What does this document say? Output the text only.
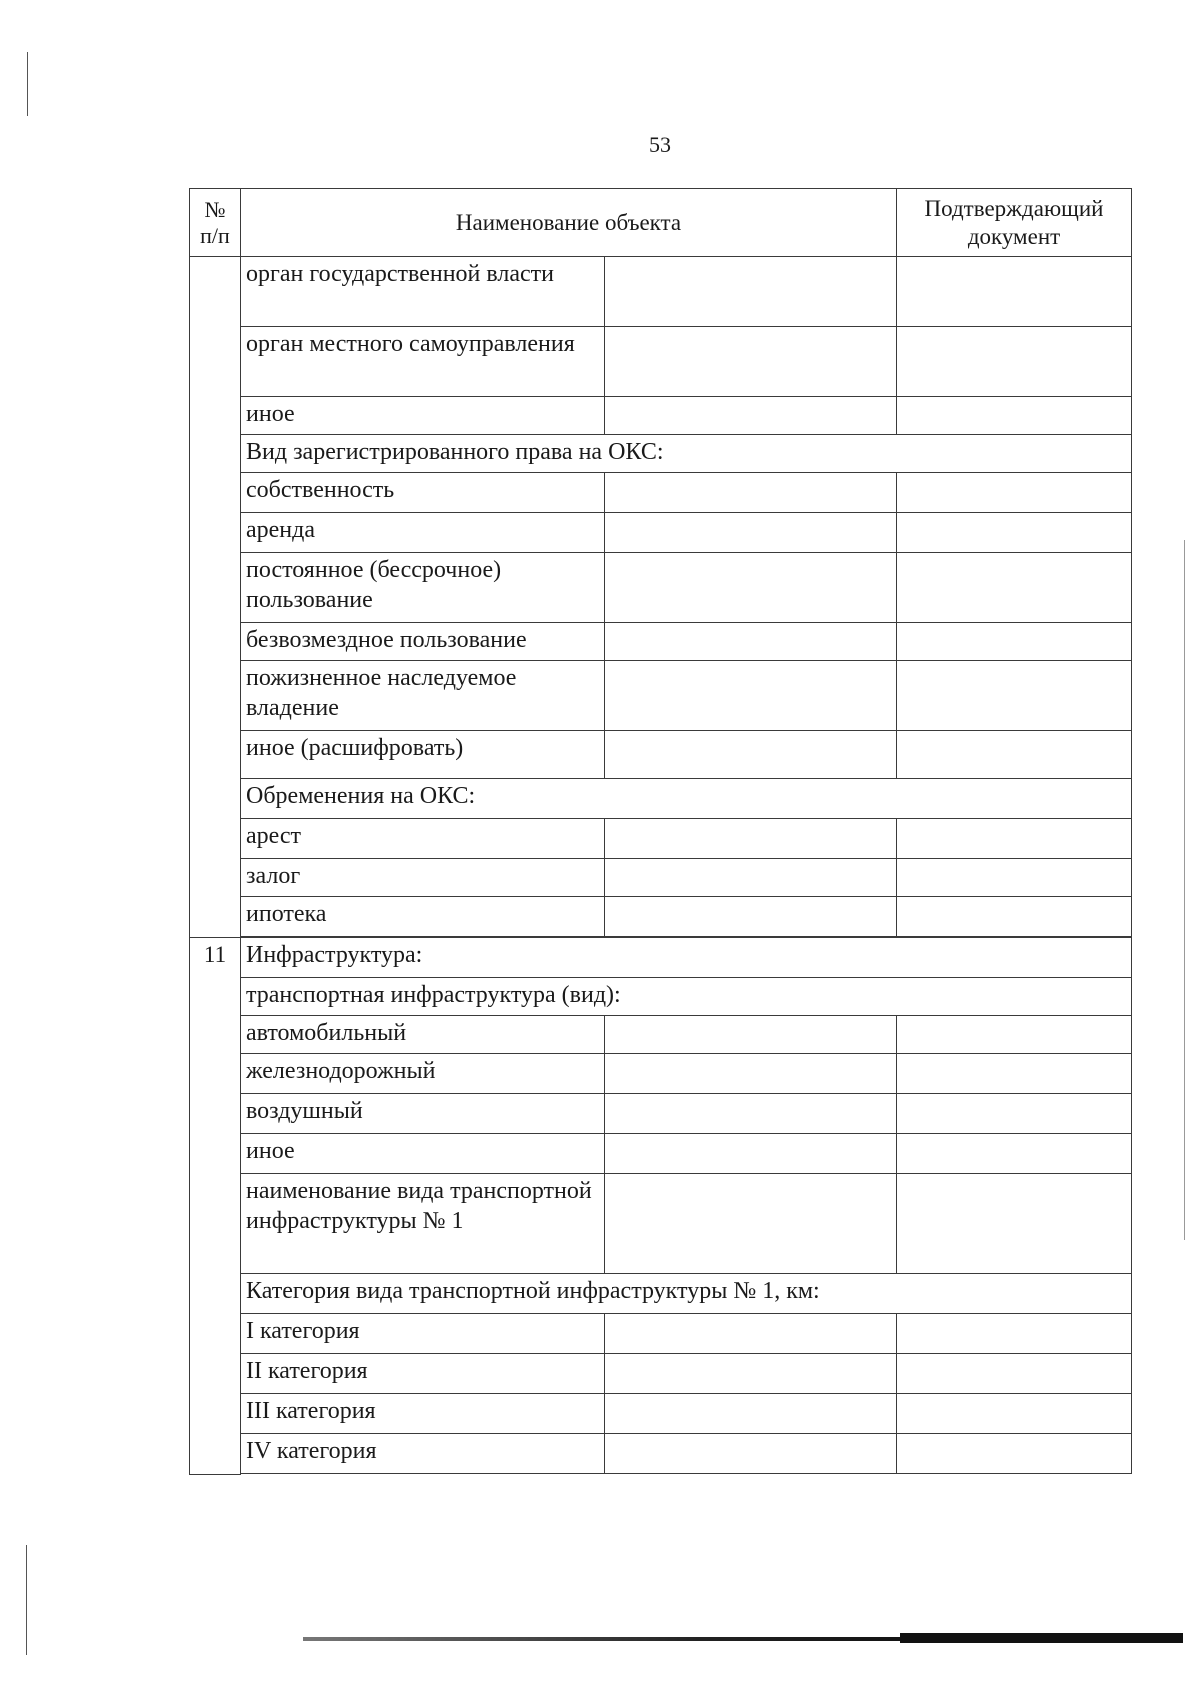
53
№ п/п	Наименование объекта		Подтверждающий документ
	орган государственной власти		
	орган местного самоуправления		
	иное		
	Вид зарегистрированного права на ОКС:		
	собственность		
	аренда		
	постоянное (бессрочное) пользование		
	безвозмездное пользование		
	пожизненное наследуемое владение		
	иное (расшифровать)		
	Обременения на ОКС:		
	арест		
	залог		
	ипотека		

11	Инфраструктура:		
	транспортная инфраструктура (вид):		
	автомобильный		
	железнодорожный		
	воздушный		
	иное		
	наименование вида транспортной инфраструктуры № 1		
	Категория вида транспортной инфраструктуры № 1, км:		
	I категория		
	II категория		
	III категория		
	IV категория		
